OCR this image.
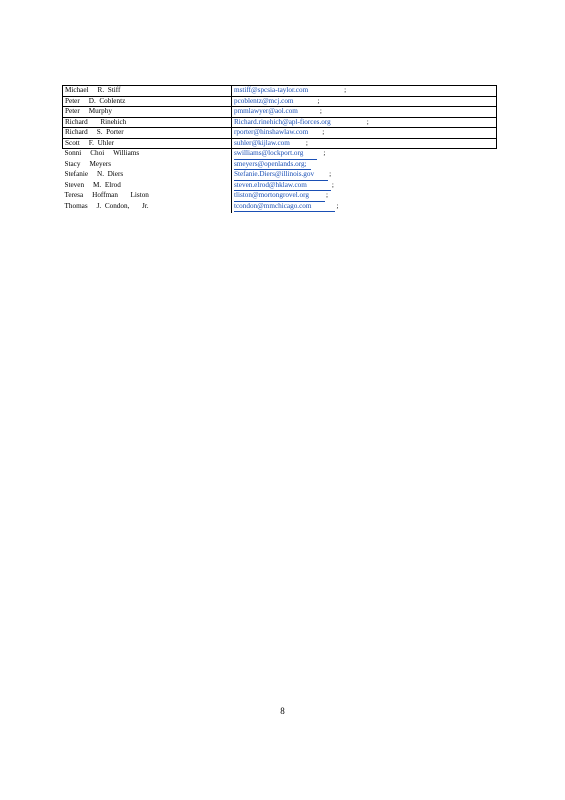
Michael     R.  Stiff	mstiff@spcsia-taylor.com ;
Peter     D.  Coblentz	pcoblentz@mcj.com ;
Peter     Murphy	pmmlawyer@aol.com ;
Richard       Rinehich	Richard.rinehich@apl-fiorces.org ;
Richard     S.  Porter	rporter@hinshawlaw.com ;
Scott     F.  Uhler	suhler@kijlaw.com ;
Sonni     Choi     Williams	swilliams@lockport.org ;
Stacy     Meyers	smeyers@openlands.org;
Stefanie     N.  Diers	Stefanie.Diers@illinois.gov ;
Steven     M.  Elrod	steven.elrod@hklaw.com ;
Teresa     Hoffman       Liston	tliston@mortongrovel.org ;
Thomas     J.  Condon,       Jr.	tcondon@mmchicago.com ;
8
